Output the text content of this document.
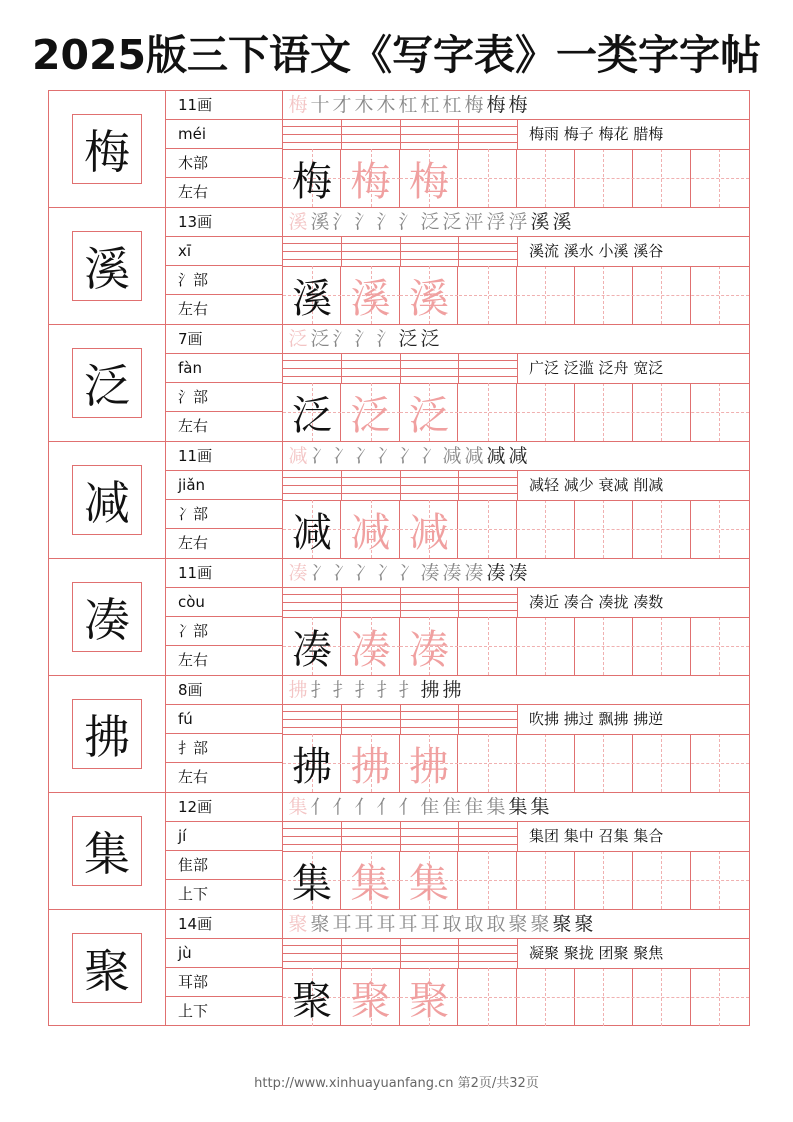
2025版三下语文《写字表》一类字字帖
梅
11画
méi
木部
左右
梅 十 才 木 木 杠 杠 杠 梅 梅 梅
梅雨 梅子 梅花 腊梅
梅 梅 梅
溪
13画
xī
氵部
左右
溪 溪 氵 氵 氵 氵 泛 泛 泙 浮 浮 溪 溪
溪流 溪水 小溪 溪谷
溪 溪 溪
泛
7画
fàn
氵部
左右
泛 泛 氵 氵 氵 泛 泛
广泛 泛滥 泛舟 宽泛
泛 泛 泛
减
11画
jiǎn
冫部
左右
减 冫 冫 冫 冫 冫 冫 减 减 减 减
减轻 减少 衰减 削减
减 减 减
凑
11画
còu
冫部
左右
凑 冫 冫 冫 冫 冫 凑 凑 凑 凑 凑
凑近 凑合 凑拢 凑数
凑 凑 凑
拂
8画
fú
扌部
左右
拂 扌 扌 扌 扌 扌 拂 拂
吹拂 拂过 飘拂 拂逆
拂 拂 拂
集
12画
jí
隹部
上下
集 亻 亻 亻 亻 亻 隹 隹 隹 集 集 集
集团 集中 召集 集合
集 集 集
聚
14画
jù
耳部
上下
聚 聚 耳 耳 耳 耳 耳 取 取 取 聚 聚 聚 聚
凝聚 聚拢 团聚 聚焦
聚 聚 聚
http://www.xinhuayuanfang.cn 第2页/共32页
